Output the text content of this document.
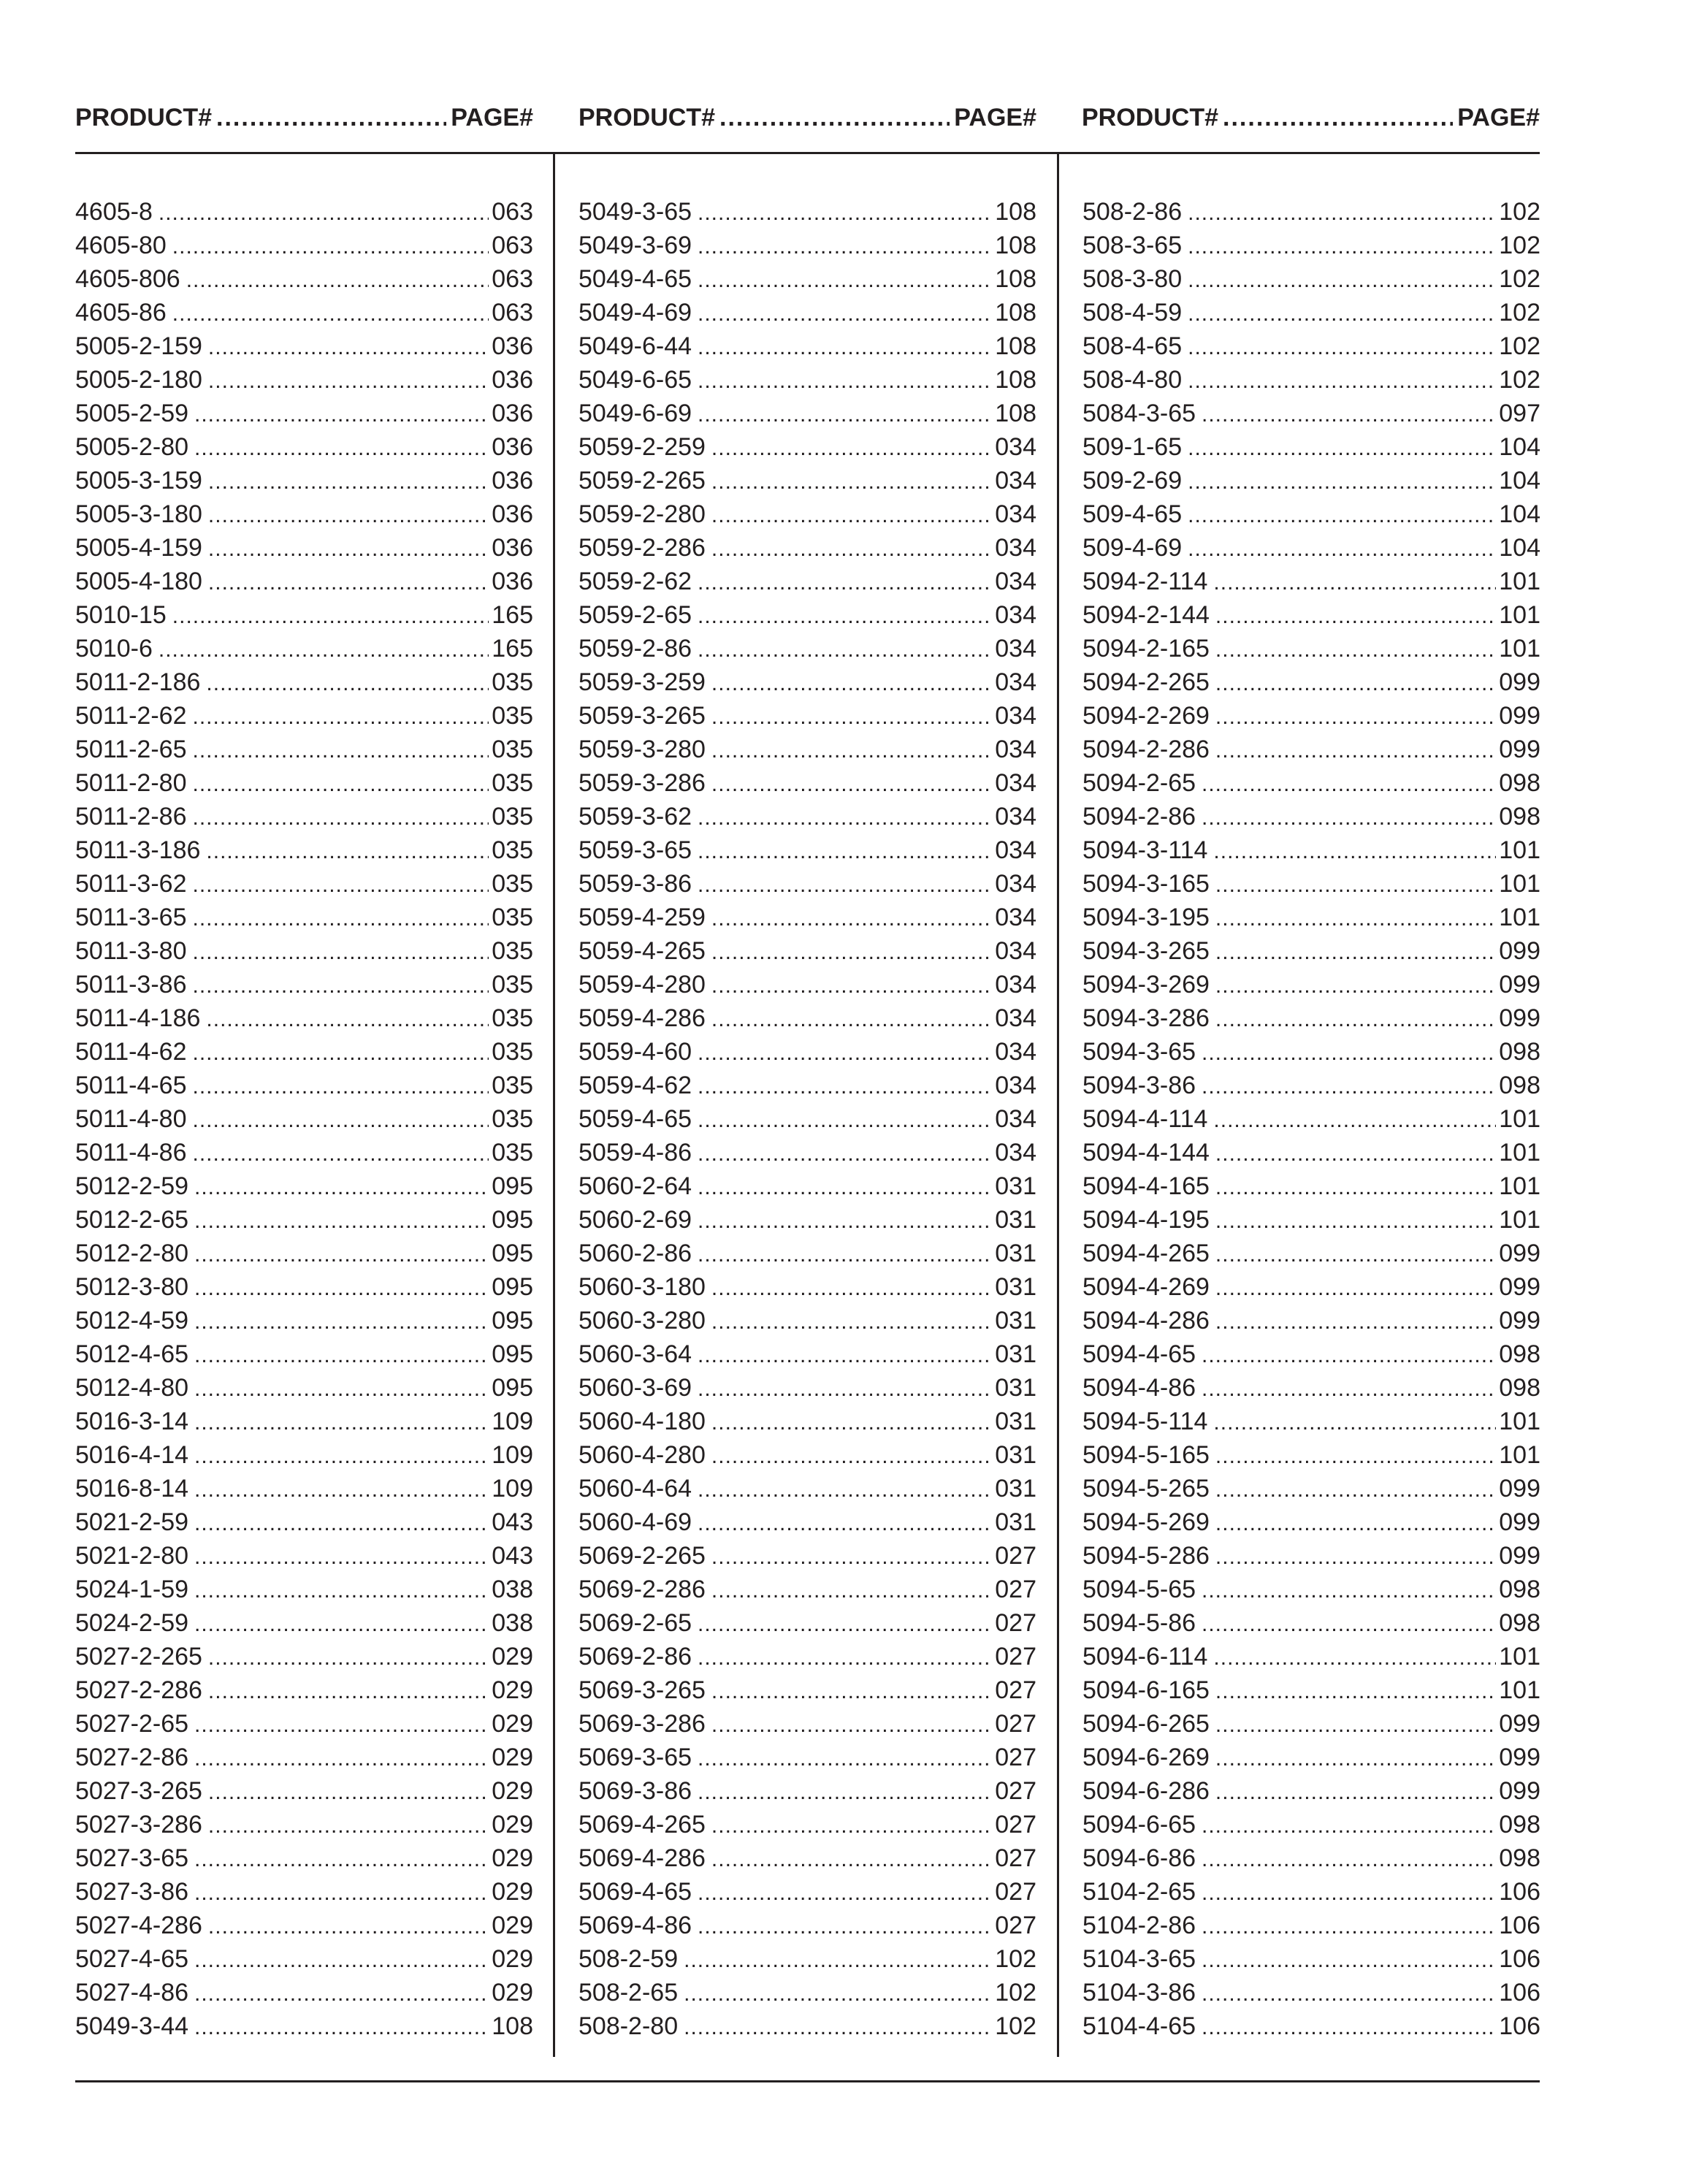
PRODUCT# .....	PAGE# PRODUCT# .....	PAGE# PRODUCT# .....	PAGE#
4605-8 .....	063
4605-80 .....	063
4605-806 .....	063
4605-86 .....	063
5005-2-159 .....	036
5005-2-180 .....	036
5005-2-59 .....	036
5005-2-80 .....	036
5005-3-159 .....	036
5005-3-180 .....	036
5005-4-159 .....	036
5005-4-180 .....	036
5010-15 .....	165
5010-6 .....	165
5011-2-186 .....	035
5011-2-62 .....	035
5011-2-65 .....	035
5011-2-80 .....	035
5011-2-86 .....	035
5011-3-186 .....	035
5011-3-62 .....	035
5011-3-65 .....	035
5011-3-80 .....	035
5011-3-86 .....	035
5011-4-186 .....	035
5011-4-62 .....	035
5011-4-65 .....	035
5011-4-80 .....	035
5011-4-86 .....	035
5012-2-59 .....	095
5012-2-65 .....	095
5012-2-80 .....	095
5012-3-80 .....	095
5012-4-59 .....	095
5012-4-65 .....	095
5012-4-80 .....	095
5016-3-14 .....	109
5016-4-14 .....	109
5016-8-14 .....	109
5021-2-59 .....	043
5021-2-80 .....	043
5024-1-59 .....	038
5024-2-59 .....	038
5027-2-265 .....	029
5027-2-286 .....	029
5027-2-65 .....	029
5027-2-86 .....	029
5027-3-265 .....	029
5027-3-286 .....	029
5027-3-65 .....	029
5027-3-86 .....	029
5027-4-286 .....	029
5027-4-65 .....	029
5027-4-86 .....	029
5049-3-44 .....	108
5049-3-65 .....	108
5049-3-69 .....	108
5049-4-65 .....	108
5049-4-69 .....	108
5049-6-44 .....	108
5049-6-65 .....	108
5049-6-69 .....	108
5059-2-259 .....	034
5059-2-265 .....	034
5059-2-280 .....	034
5059-2-286 .....	034
5059-2-62 .....	034
5059-2-65 .....	034
5059-2-86 .....	034
5059-3-259 .....	034
5059-3-265 .....	034
5059-3-280 .....	034
5059-3-286 .....	034
5059-3-62 .....	034
5059-3-65 .....	034
5059-3-86 .....	034
5059-4-259 .....	034
5059-4-265 .....	034
5059-4-280 .....	034
5059-4-286 .....	034
5059-4-60 .....	034
5059-4-62 .....	034
5059-4-65 .....	034
5059-4-86 .....	034
5060-2-64 .....	031
5060-2-69 .....	031
5060-2-86 .....	031
5060-3-180 .....	031
5060-3-280 .....	031
5060-3-64 .....	031
5060-3-69 .....	031
5060-4-180 .....	031
5060-4-280 .....	031
5060-4-64 .....	031
5060-4-69 .....	031
5069-2-265 .....	027
5069-2-286 .....	027
5069-2-65 .....	027
5069-2-86 .....	027
5069-3-265 .....	027
5069-3-286 .....	027
5069-3-65 .....	027
5069-3-86 .....	027
5069-4-265 .....	027
5069-4-286 .....	027
5069-4-65 .....	027
5069-4-86 .....	027
508-2-59 .....	102
508-2-65 .....	102
508-2-80 .....	102
508-2-86 .....	102
508-3-65 .....	102
508-3-80 .....	102
508-4-59 .....	102
508-4-65 .....	102
508-4-80 .....	102
5084-3-65 .....	097
509-1-65 .....	104
509-2-69 .....	104
509-4-65 .....	104
509-4-69 .....	104
5094-2-114 .....	101
5094-2-144 .....	101
5094-2-165 .....	101
5094-2-265 .....	099
5094-2-269 .....	099
5094-2-286 .....	099
5094-2-65 .....	098
5094-2-86 .....	098
5094-3-114 .....	101
5094-3-165 .....	101
5094-3-195 .....	101
5094-3-265 .....	099
5094-3-269 .....	099
5094-3-286 .....	099
5094-3-65 .....	098
5094-3-86 .....	098
5094-4-114 .....	101
5094-4-144 .....	101
5094-4-165 .....	101
5094-4-195 .....	101
5094-4-265 .....	099
5094-4-269 .....	099
5094-4-286 .....	099
5094-4-65 .....	098
5094-4-86 .....	098
5094-5-114 .....	101
5094-5-165 .....	101
5094-5-265 .....	099
5094-5-269 .....	099
5094-5-286 .....	099
5094-5-65 .....	098
5094-5-86 .....	098
5094-6-114 .....	101
5094-6-165 .....	101
5094-6-265 .....	099
5094-6-269 .....	099
5094-6-286 .....	099
5094-6-65 .....	098
5094-6-86 .....	098
5104-2-65 .....	106
5104-2-86 .....	106
5104-3-65 .....	106
5104-3-86 .....	106
5104-4-65 .....	106
